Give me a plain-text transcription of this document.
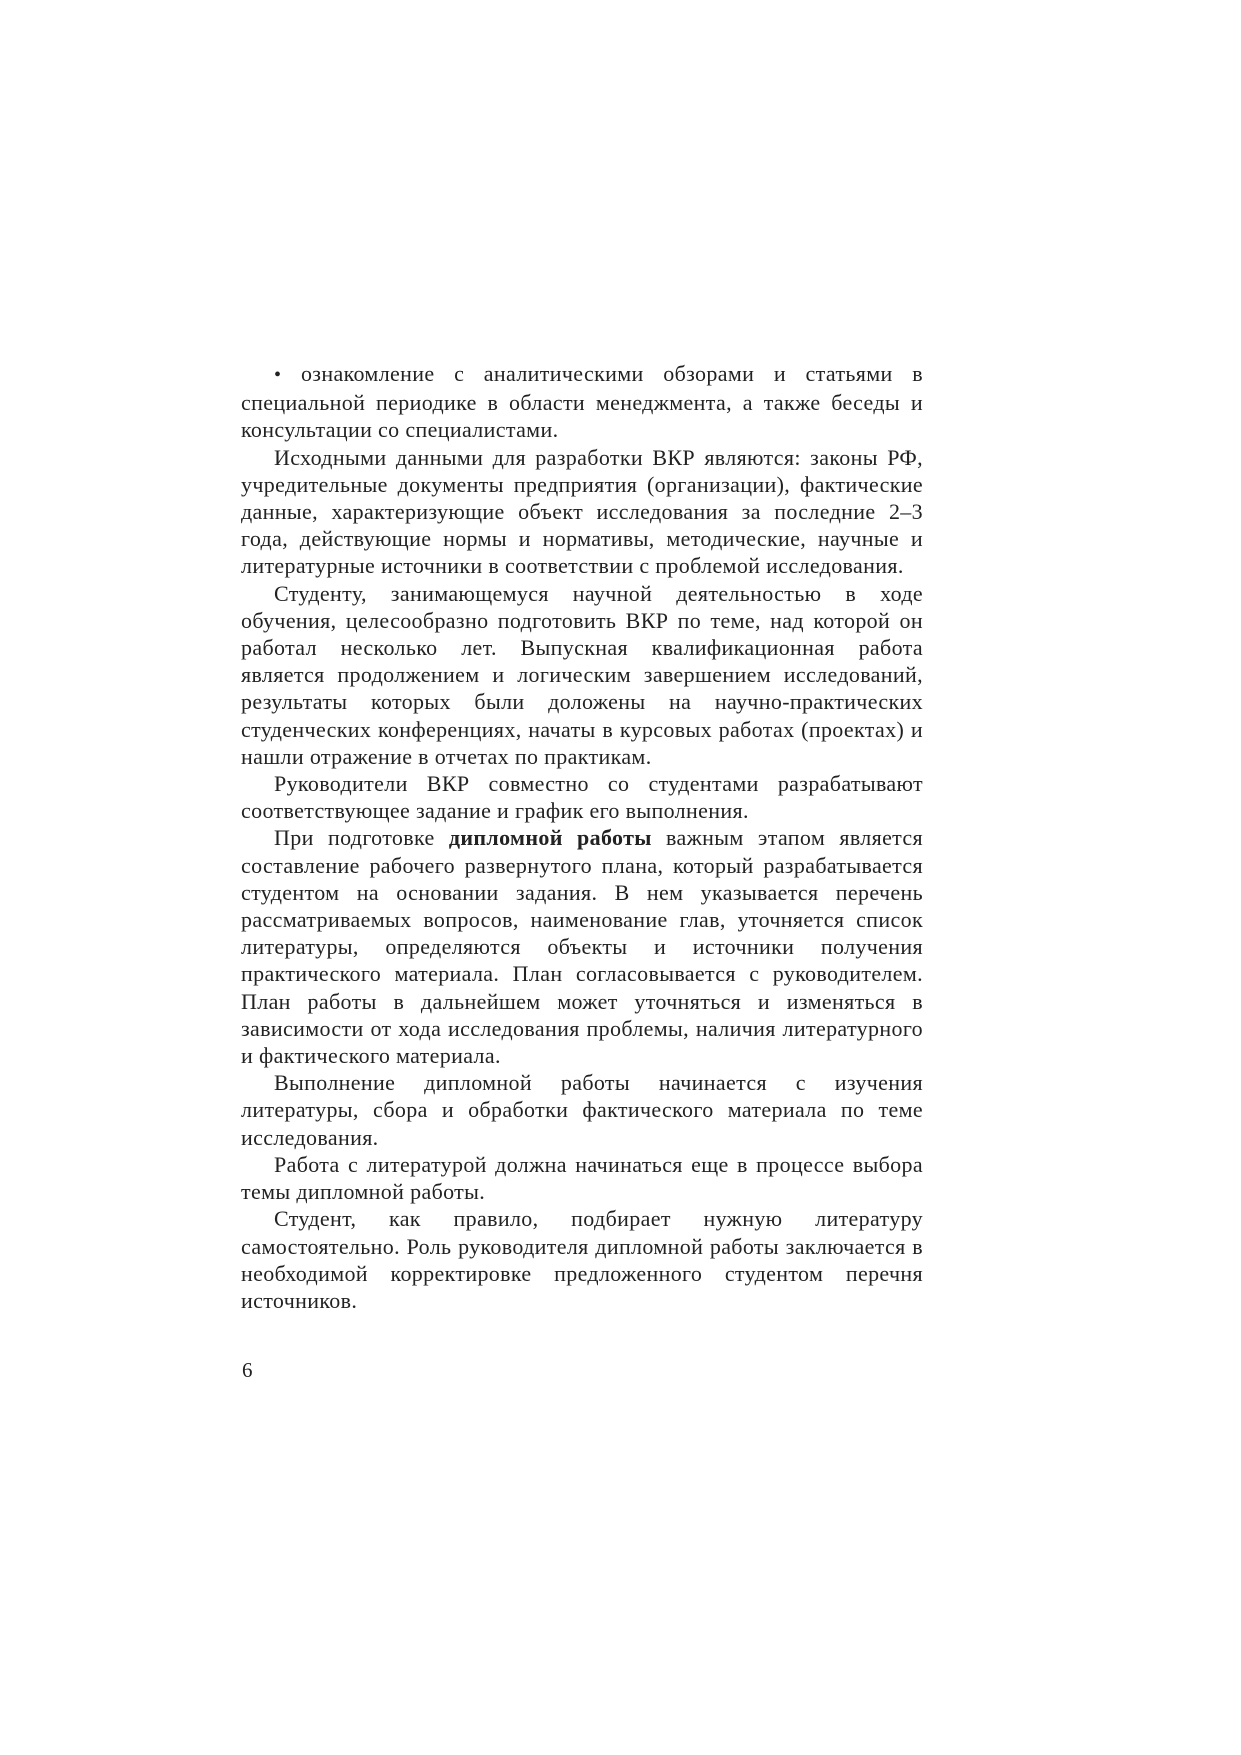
• ознакомление с аналитическими обзорами и статьями в специальной периодике в области менеджмента, а также беседы и консультации со специалистами.

Исходными данными для разработки ВКР являются: законы РФ, учредительные документы предприятия (организации), фактические данные, характеризующие объект исследования за последние 2–3 года, действующие нормы и нормативы, методические, научные и литературные источники в соответствии с проблемой исследования.

Студенту, занимающемуся научной деятельностью в ходе обучения, целесообразно подготовить ВКР по теме, над которой он работал несколько лет. Выпускная квалификационная работа является продолжением и логическим завершением исследований, результаты которых были доложены на научно-практических студенческих конференциях, начаты в курсовых работах (проектах) и нашли отражение в отчетах по практикам.

Руководители ВКР совместно со студентами разрабатывают соответствующее задание и график его выполнения.

При подготовке дипломной работы важным этапом является составление рабочего развернутого плана, который разрабатывается студентом на основании задания. В нем указывается перечень рассматриваемых вопросов, наименование глав, уточняется список литературы, определяются объекты и источники получения практического материала. План согласовывается с руководителем. План работы в дальнейшем может уточняться и изменяться в зависимости от хода исследования проблемы, наличия литературного и фактического материала.

Выполнение дипломной работы начинается с изучения литературы, сбора и обработки фактического материала по теме исследования.

Работа с литературой должна начинаться еще в процессе выбора темы дипломной работы.

Студент, как правило, подбирает нужную литературу самостоятельно. Роль руководителя дипломной работы заключается в необходимой корректировке предложенного студентом перечня источников.

6
